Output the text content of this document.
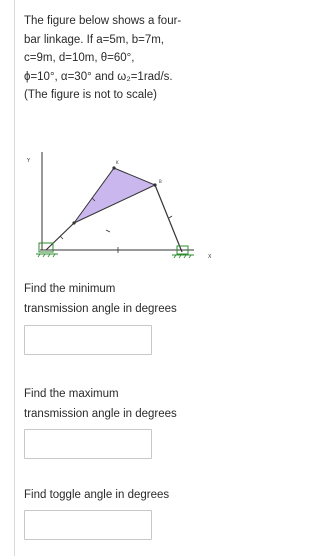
The figure below shows a four-
bar linkage. If a=5m, b=7m,
c=9m, d=10m, θ=60°,
ϕ=10°, α=30° and ω₂=1rad/s.
(The figure is not to scale)
Y
X
K
B
Find the minimum
transmission angle in degrees
Find the maximum
transmission angle in degrees
Find toggle angle in degrees
